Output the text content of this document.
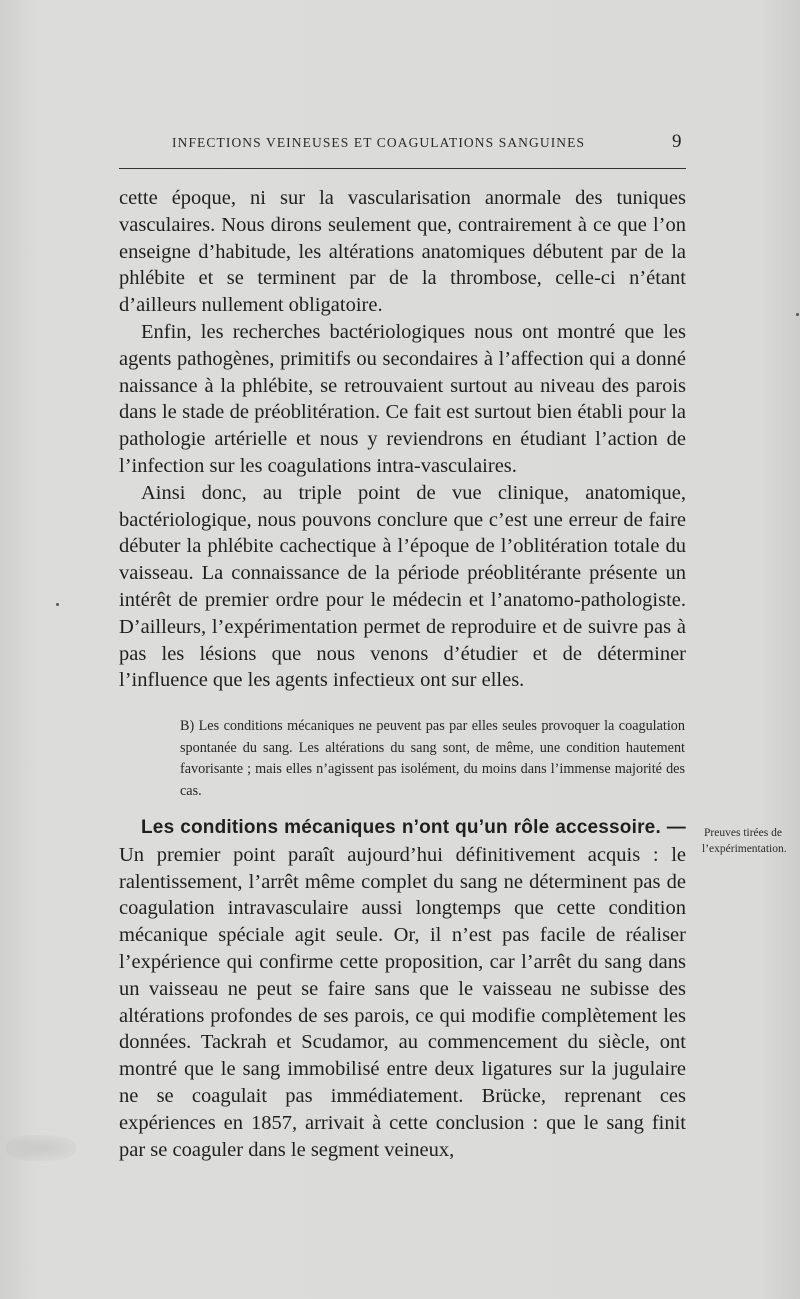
INFECTIONS VEINEUSES ET COAGULATIONS SANGUINES	9

cette époque, ni sur la vascularisation anormale des tuniques vasculaires. Nous dirons seulement que, contrairement à ce que l’on enseigne d’habitude, les altérations anatomiques débutent par de la phlébite et se terminent par de la thrombose, celle-ci n’étant d’ailleurs nullement obligatoire.

Enfin, les recherches bactériologiques nous ont montré que les agents pathogènes, primitifs ou secondaires à l’affection qui a donné naissance à la phlébite, se retrouvaient surtout au niveau des parois dans le stade de préoblitération. Ce fait est surtout bien établi pour la pathologie artérielle et nous y reviendrons en étudiant l’action de l’infection sur les coagulations intra-vasculaires.

Ainsi donc, au triple point de vue clinique, anatomique, bactériologique, nous pouvons conclure que c’est une erreur de faire débuter la phlébite cachectique à l’époque de l’oblitération totale du vaisseau. La connaissance de la période préoblitérante présente un intérêt de premier ordre pour le médecin et l’anatomo-pathologiste. D’ailleurs, l’expérimentation permet de reproduire et de suivre pas à pas les lésions que nous venons d’étudier et de déterminer l’influence que les agents infectieux ont sur elles.

B) Les conditions mécaniques ne peuvent pas par elles seules provoquer la coagulation spontanée du sang. Les altérations du sang sont, de même, une condition hautement favorisante ; mais elles n’agissent pas isolément, du moins dans l’immense majorité des cas.

Les conditions mécaniques n’ont qu’un rôle accessoire. — Un premier point paraît aujourd’hui définitivement acquis : le ralentissement, l’arrêt même complet du sang ne déterminent pas de coagulation intravasculaire aussi longtemps que cette condition mécanique spéciale agit seule. Or, il n’est pas facile de réaliser l’expérience qui confirme cette proposition, car l’arrêt du sang dans un vaisseau ne peut se faire sans que le vaisseau ne subisse des altérations profondes de ses parois, ce qui modifie complètement les données. Tackrah et Scudamor, au commencement du siècle, ont montré que le sang immobilisé entre deux ligatures sur la jugulaire ne se coagulait pas immédiatement. Brücke, reprenant ces expériences en 1857, arrivait à cette conclusion : que le sang finit par se coaguler dans le segment veineux,

Preuves tirées de l’expérimentation.
